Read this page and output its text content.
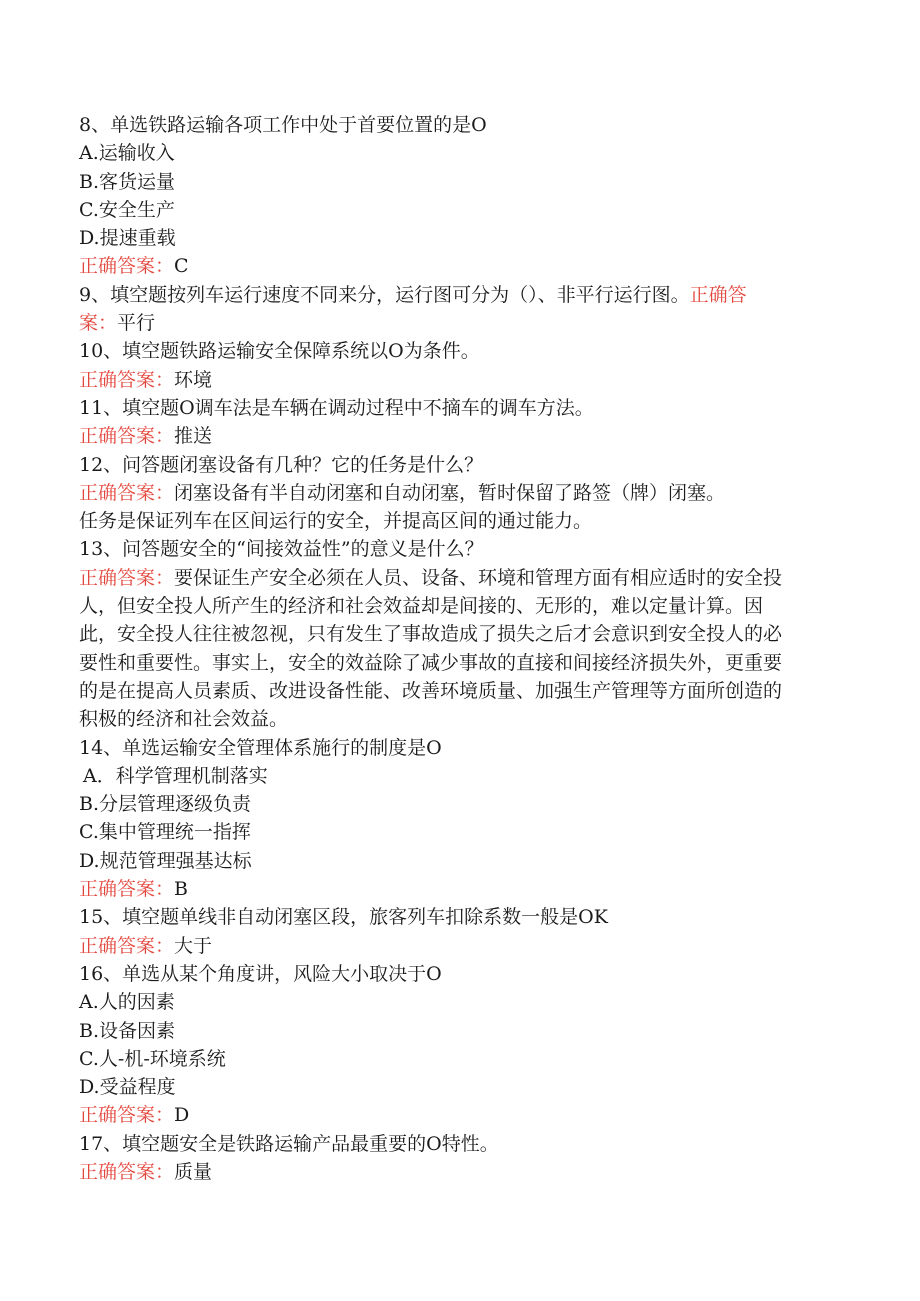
8、单选铁路运输各项工作中处于首要位置的是O
A.运输收入
B.客货运量
C.安全生产
D.提速重载
正确答案：C
9、填空题按列车运行速度不同来分，运行图可分为（）、非平行运行图。正确答
案：平行
10、填空题铁路运输安全保障系统以O为条件。
正确答案：环境
11、填空题O调车法是车辆在调动过程中不摘车的调车方法。
正确答案：推送
12、问答题闭塞设备有几种？它的任务是什么？
正确答案：闭塞设备有半自动闭塞和自动闭塞，暂时保留了路签（牌）闭塞。
任务是保证列车在区间运行的安全，并提高区间的通过能力。
13、问答题安全的“间接效益性”的意义是什么？
正确答案：要保证生产安全必须在人员、设备、环境和管理方面有相应适时的安全投
人，但安全投人所产生的经济和社会效益却是间接的、无形的，难以定量计算。因
此，安全投人往往被忽视，只有发生了事故造成了损失之后才会意识到安全投人的必
要性和重要性。事实上，安全的效益除了减少事故的直接和间接经济损失外，更重要
的是在提高人员素质、改进设备性能、改善环境质量、加强生产管理等方面所创造的
积极的经济和社会效益。
14、单选运输安全管理体系施行的制度是O
A．科学管理机制落实
B.分层管理逐级负责
C.集中管理统一指挥
D.规范管理强基达标
正确答案：B
15、填空题单线非自动闭塞区段，旅客列车扣除系数一般是OK
正确答案：大于
16、单选从某个角度讲，风险大小取决于O
A.人的因素
B.设备因素
C.人-机-环境系统
D.受益程度
正确答案：D
17、填空题安全是铁路运输产品最重要的O特性。
正确答案：质量
